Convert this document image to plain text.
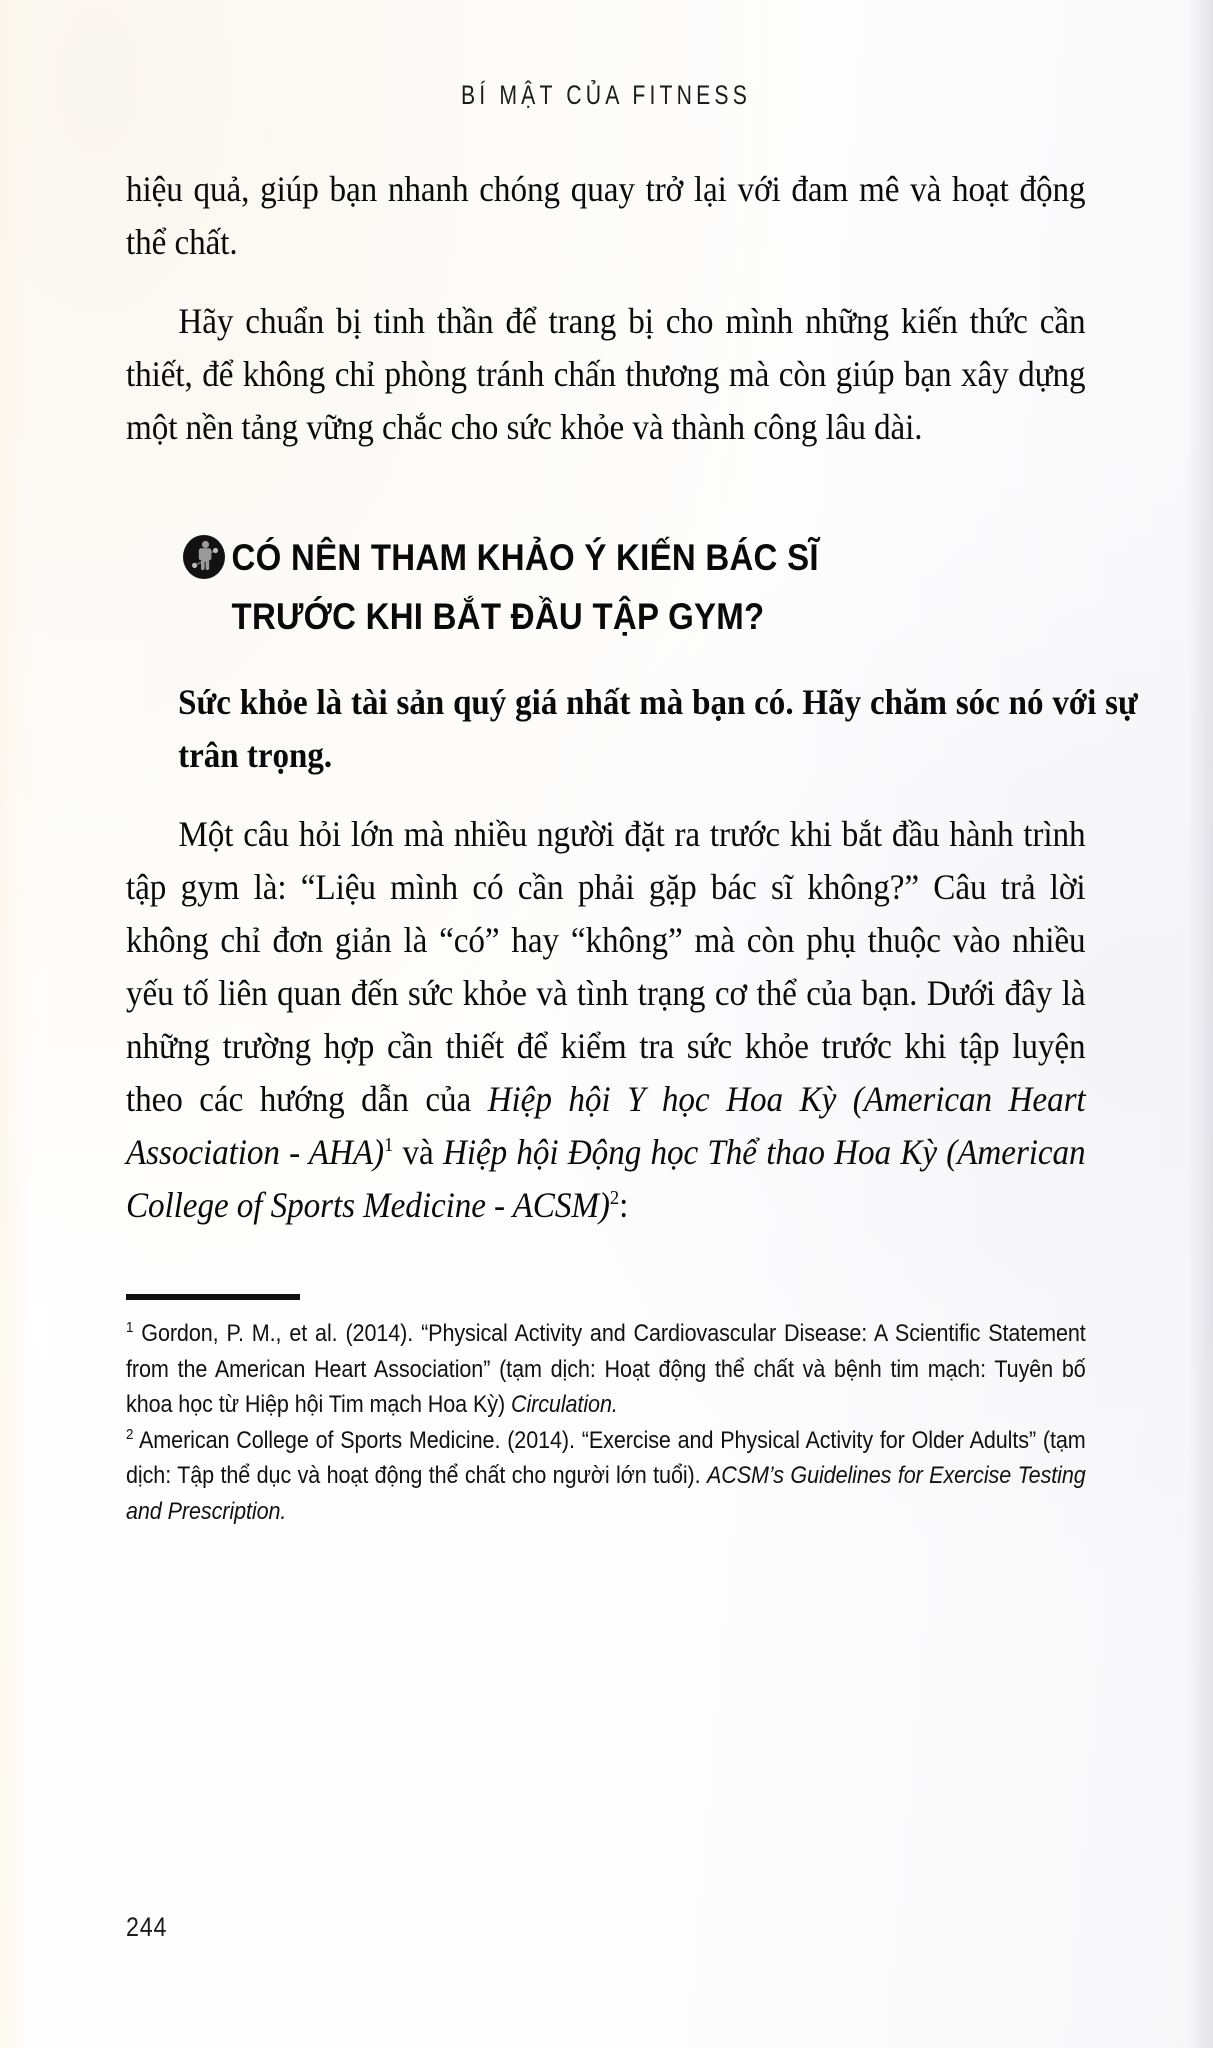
BÍ MẬT CỦA FITNESS

hiệu quả, giúp bạn nhanh chóng quay trở lại với đam mê và hoạt động thể chất.

Hãy chuẩn bị tinh thần để trang bị cho mình những kiến thức cần thiết, để không chỉ phòng tránh chấn thương mà còn giúp bạn xây dựng một nền tảng vững chắc cho sức khỏe và thành công lâu dài.

CÓ NÊN THAM KHẢO Ý KIẾN BÁC SĨ
TRƯỚC KHI BẮT ĐẦU TẬP GYM?
Sức khỏe là tài sản quý giá nhất mà bạn có. Hãy chăm sóc nó với sự trân trọng.

Một câu hỏi lớn mà nhiều người đặt ra trước khi bắt đầu hành trình tập gym là: “Liệu mình có cần phải gặp bác sĩ không?” Câu trả lời không chỉ đơn giản là “có” hay “không” mà còn phụ thuộc vào nhiều yếu tố liên quan đến sức khỏe và tình trạng cơ thể của bạn. Dưới đây là những trường hợp cần thiết để kiểm tra sức khỏe trước khi tập luyện theo các hướng dẫn của Hiệp hội Y học Hoa Kỳ (American Heart Association - AHA)$^1$ và Hiệp hội Động học Thể thao Hoa Kỳ (American College of Sports Medicine - ACSM)$^2$:

$^1$ Gordon, P. M., et al. (2014). “Physical Activity and Cardiovascular Disease: A Scientific Statement from the American Heart Association” (tạm dịch: Hoạt động thể chất và bệnh tim mạch: Tuyên bố khoa học từ Hiệp hội Tim mạch Hoa Kỳ) Circulation.

$^2$ American College of Sports Medicine. (2014). “Exercise and Physical Activity for Older Adults” (tạm dịch: Tập thể dục và hoạt động thể chất cho người lớn tuổi). ACSM’s Guidelines for Exercise Testing and Prescription.

244
